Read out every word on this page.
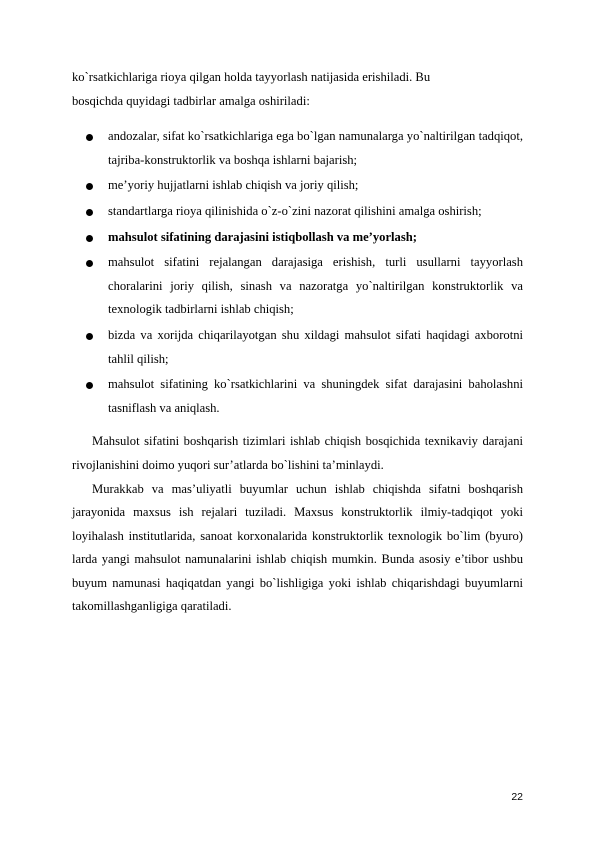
ko`rsatkichlariga rioya qilgan holda tayyorlash natijasida erishiladi. Bu

bosqichda quyidagi tadbirlar amalga oshiriladi:

andozalar, sifat ko`rsatkichlariga ega bo`lgan namunalarga yo`naltirilgan tadqiqot, tajriba-konstruktorlik va boshqa ishlarni bajarish;
me’yoriy hujjatlarni ishlab chiqish va joriy qilish;
standartlarga rioya qilinishida o`z-o`zini nazorat qilishini amalga oshirish;
mahsulot sifatining darajasini istiqbollash va me’yorlash;
mahsulot sifatini rejalangan darajasiga erishish, turli usullarni tayyorlash choralarini joriy qilish, sinash va nazoratga yo`naltirilgan konstruktorlik va texnologik tadbirlarni ishlab chiqish;
bizda va xorijda chiqarilayotgan shu xildagi mahsulot sifati haqidagi axborotni tahlil qilish;
mahsulot sifatining ko`rsatkichlarini va shuningdek sifat darajasini baholashni tasniflash va aniqlash.

Mahsulot sifatini boshqarish tizimlari ishlab chiqish bosqichida texnikaviy darajani rivojlanishini doimo yuqori sur’atlarda bo`lishini ta’minlaydi.

Murakkab va mas’uliyatli buyumlar uchun ishlab chiqishda sifatni boshqarish jarayonida maxsus ish rejalari tuziladi. Maxsus konstruktorlik ilmiy-tadqiqot yoki loyihalash institutlarida, sanoat korxonalarida konstruktorlik texnologik bo`lim (byuro) larda yangi mahsulot namunalarini ishlab chiqish mumkin. Bunda asosiy e’tibor ushbu buyum namunasi haqiqatdan yangi bo`lishligiga yoki ishlab chiqarishdagi buyumlarni takomillashganligiga qaratiladi.

22
